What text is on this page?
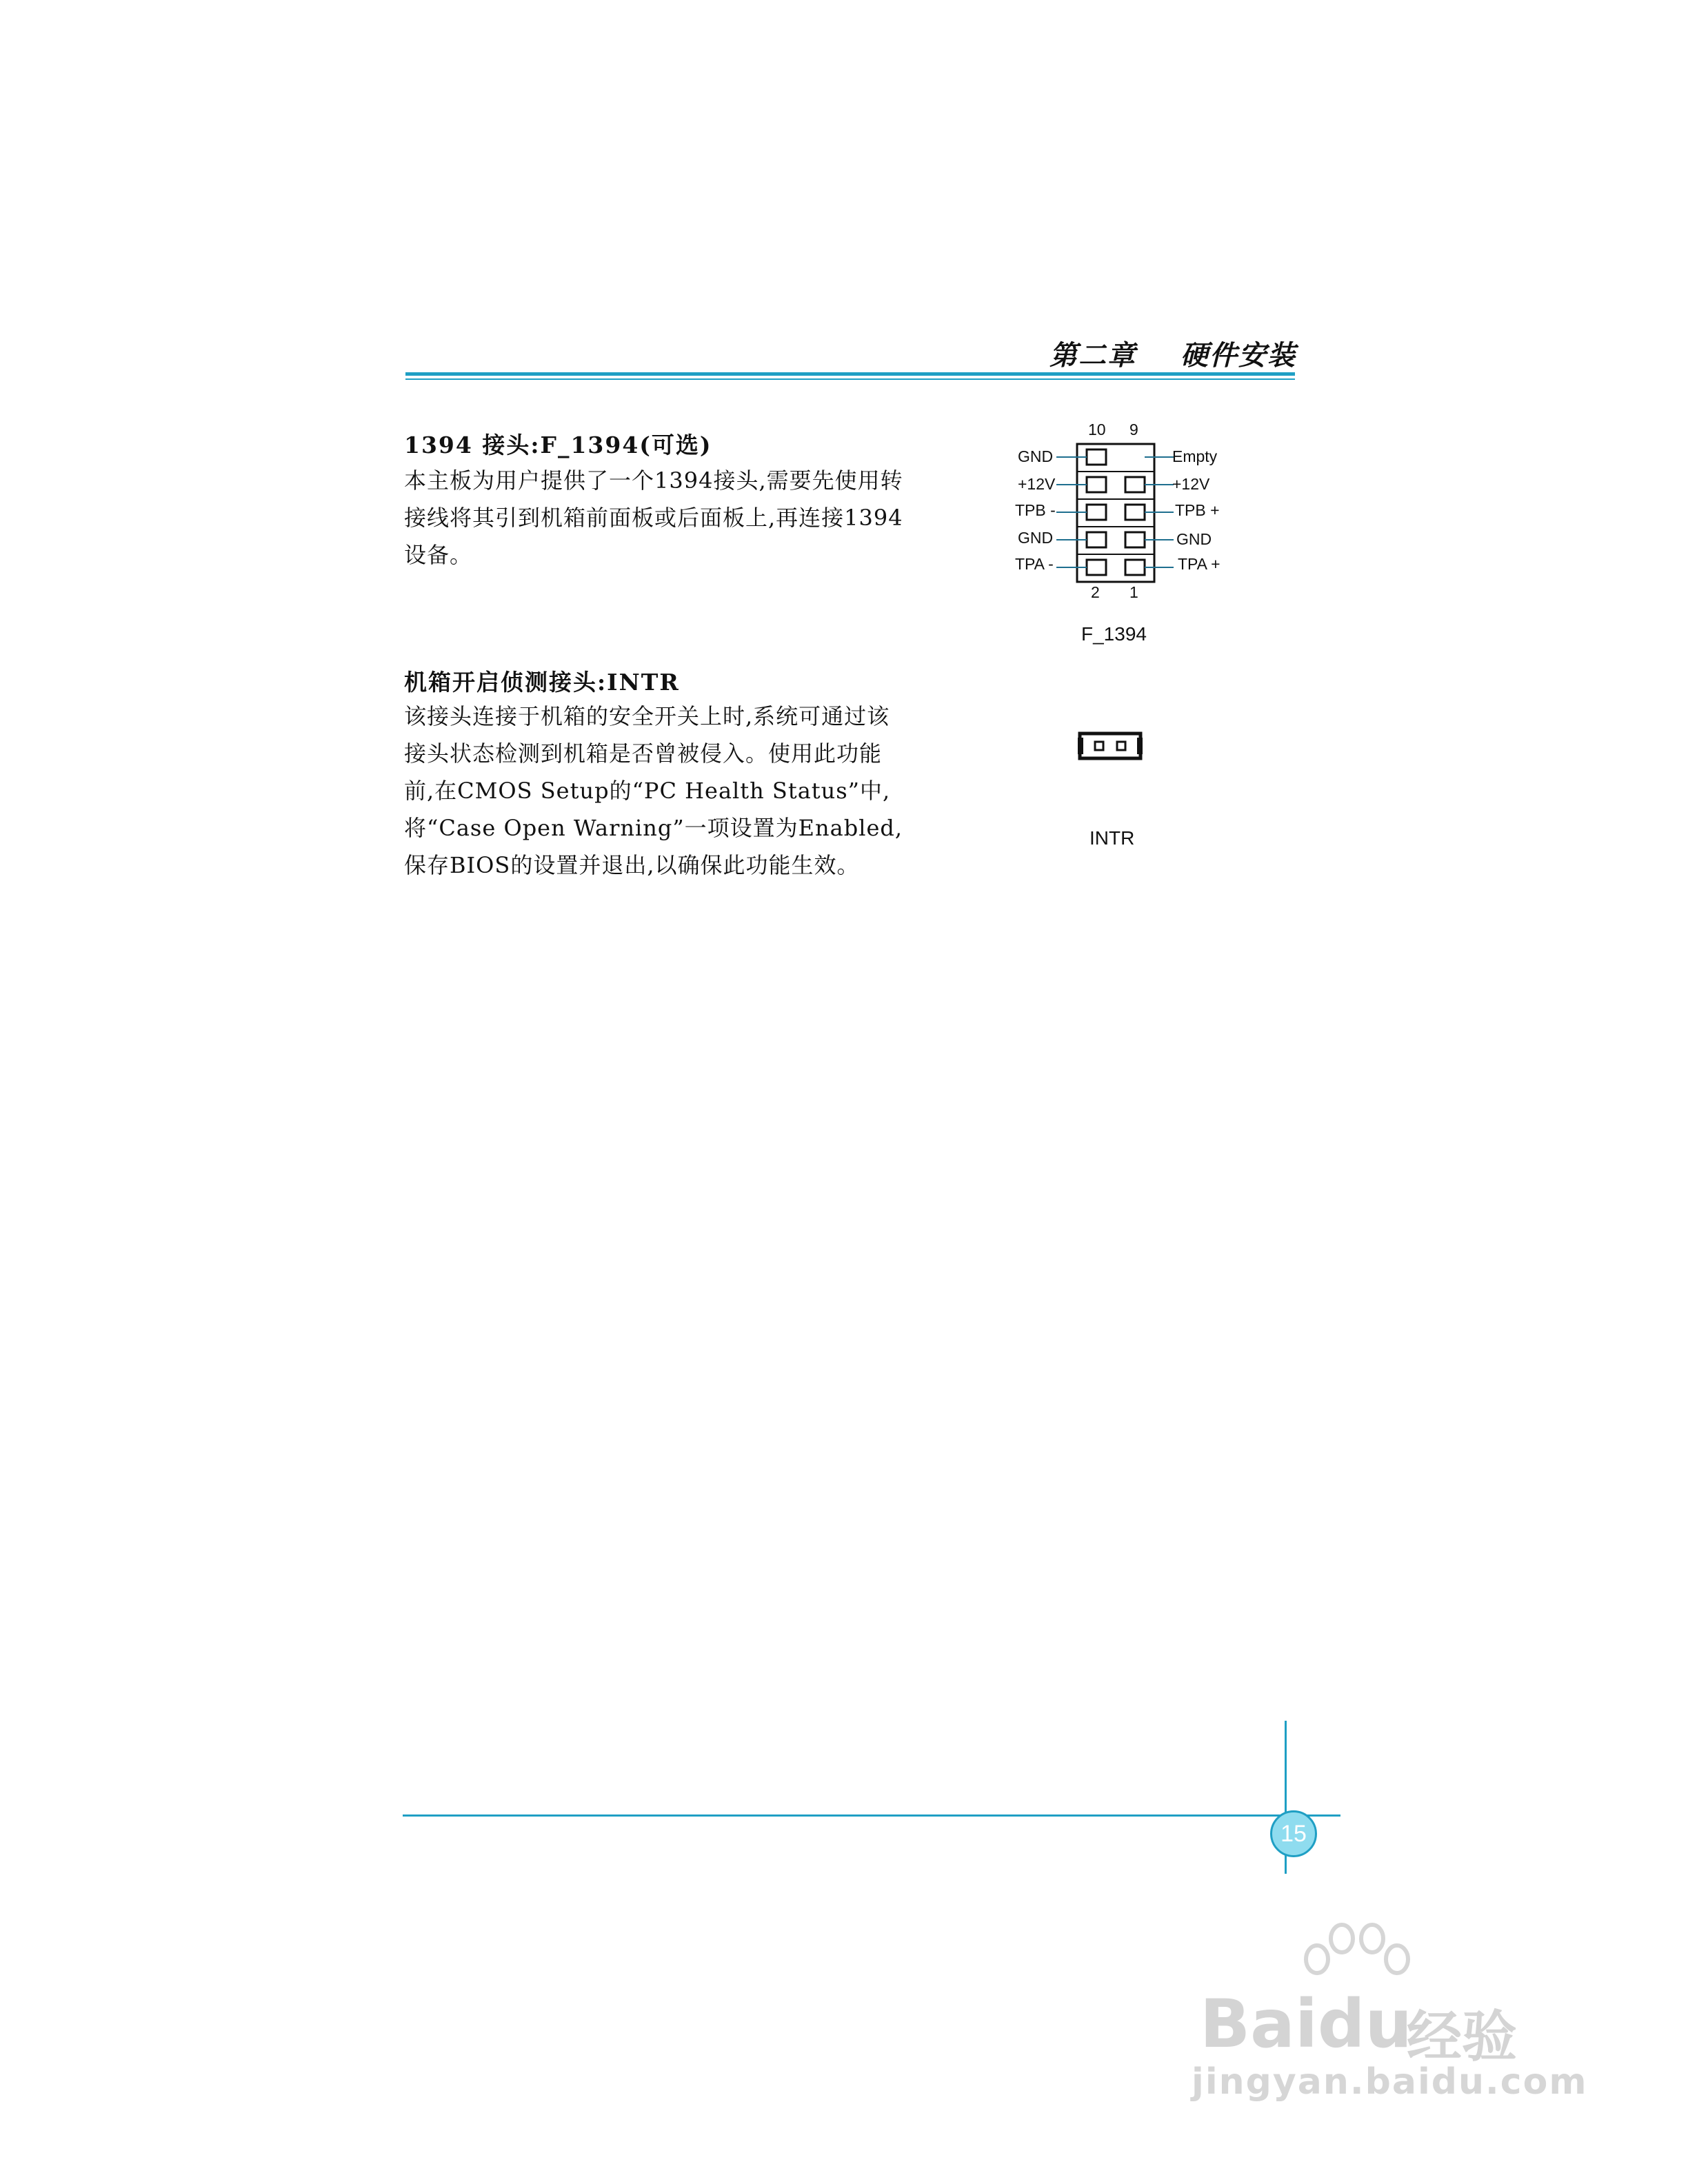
第二章 硬件安装
1394 接头:F_1394(可选)
本主板为用户提供了一个1394接头,需要先使用转
接线将其引到机箱前面板或后面板上,再连接1394
设备。
机箱开启侦测接头:INTR
该接头连接于机箱的安全开关上时,系统可通过该
接头状态检测到机箱是否曾被侵入。使用此功能
前,在CMOS Setup的“PC Health Status”中,
将“Case Open Warning”一项设置为Enabled,
保存BIOS的设置并退出,以确保此功能生效。
10 9
2 1
GND
+12V
TPB -
GND
TPA -
Empty
+12V
TPB +
GND
TPA +
F_1394
INTR
15
Baidu
经验
jingyan.baidu.com
